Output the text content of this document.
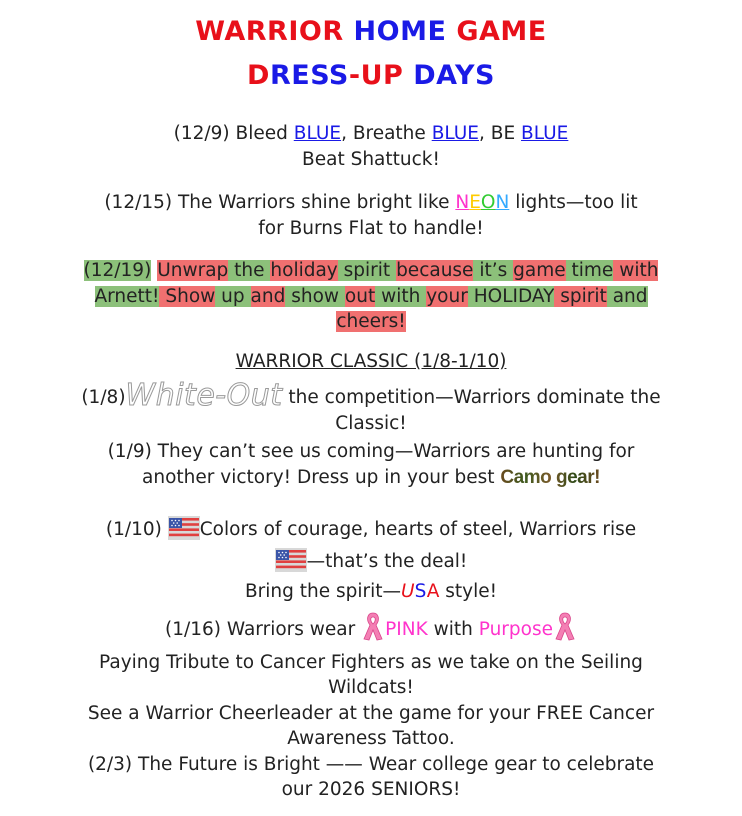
WARRIOR HOME GAME
DRESS-UP DAYS
(12/9) Bleed BLUE, Breathe BLUE, BE BLUE
Beat Shattuck!
(12/15) The Warriors shine bright like NEON lights—too lit for Burns Flat to handle!
(12/19) Unwrap the holiday spirit because it’s game time with Arnett! Show up and show out with your HOLIDAY spirit and cheers!
WARRIOR CLASSIC (1/8-1/10)
(1/8)White-Out the competition—Warriors dominate the Classic!
(1/9) They can’t see us coming—Warriors are hunting for another victory! Dress up in your best Camo gear!
(1/10) Colors of courage, hearts of steel, Warriors rise
—that’s the deal!
Bring the spirit—USA style!
(1/16) Warriors wear PINK with Purpose
Paying Tribute to Cancer Fighters as we take on the Seiling Wildcats!
See a Warrior Cheerleader at the game for your FREE Cancer Awareness Tattoo.
(2/3) The Future is Bright —— Wear college gear to celebrate our 2026 SENIORS!
